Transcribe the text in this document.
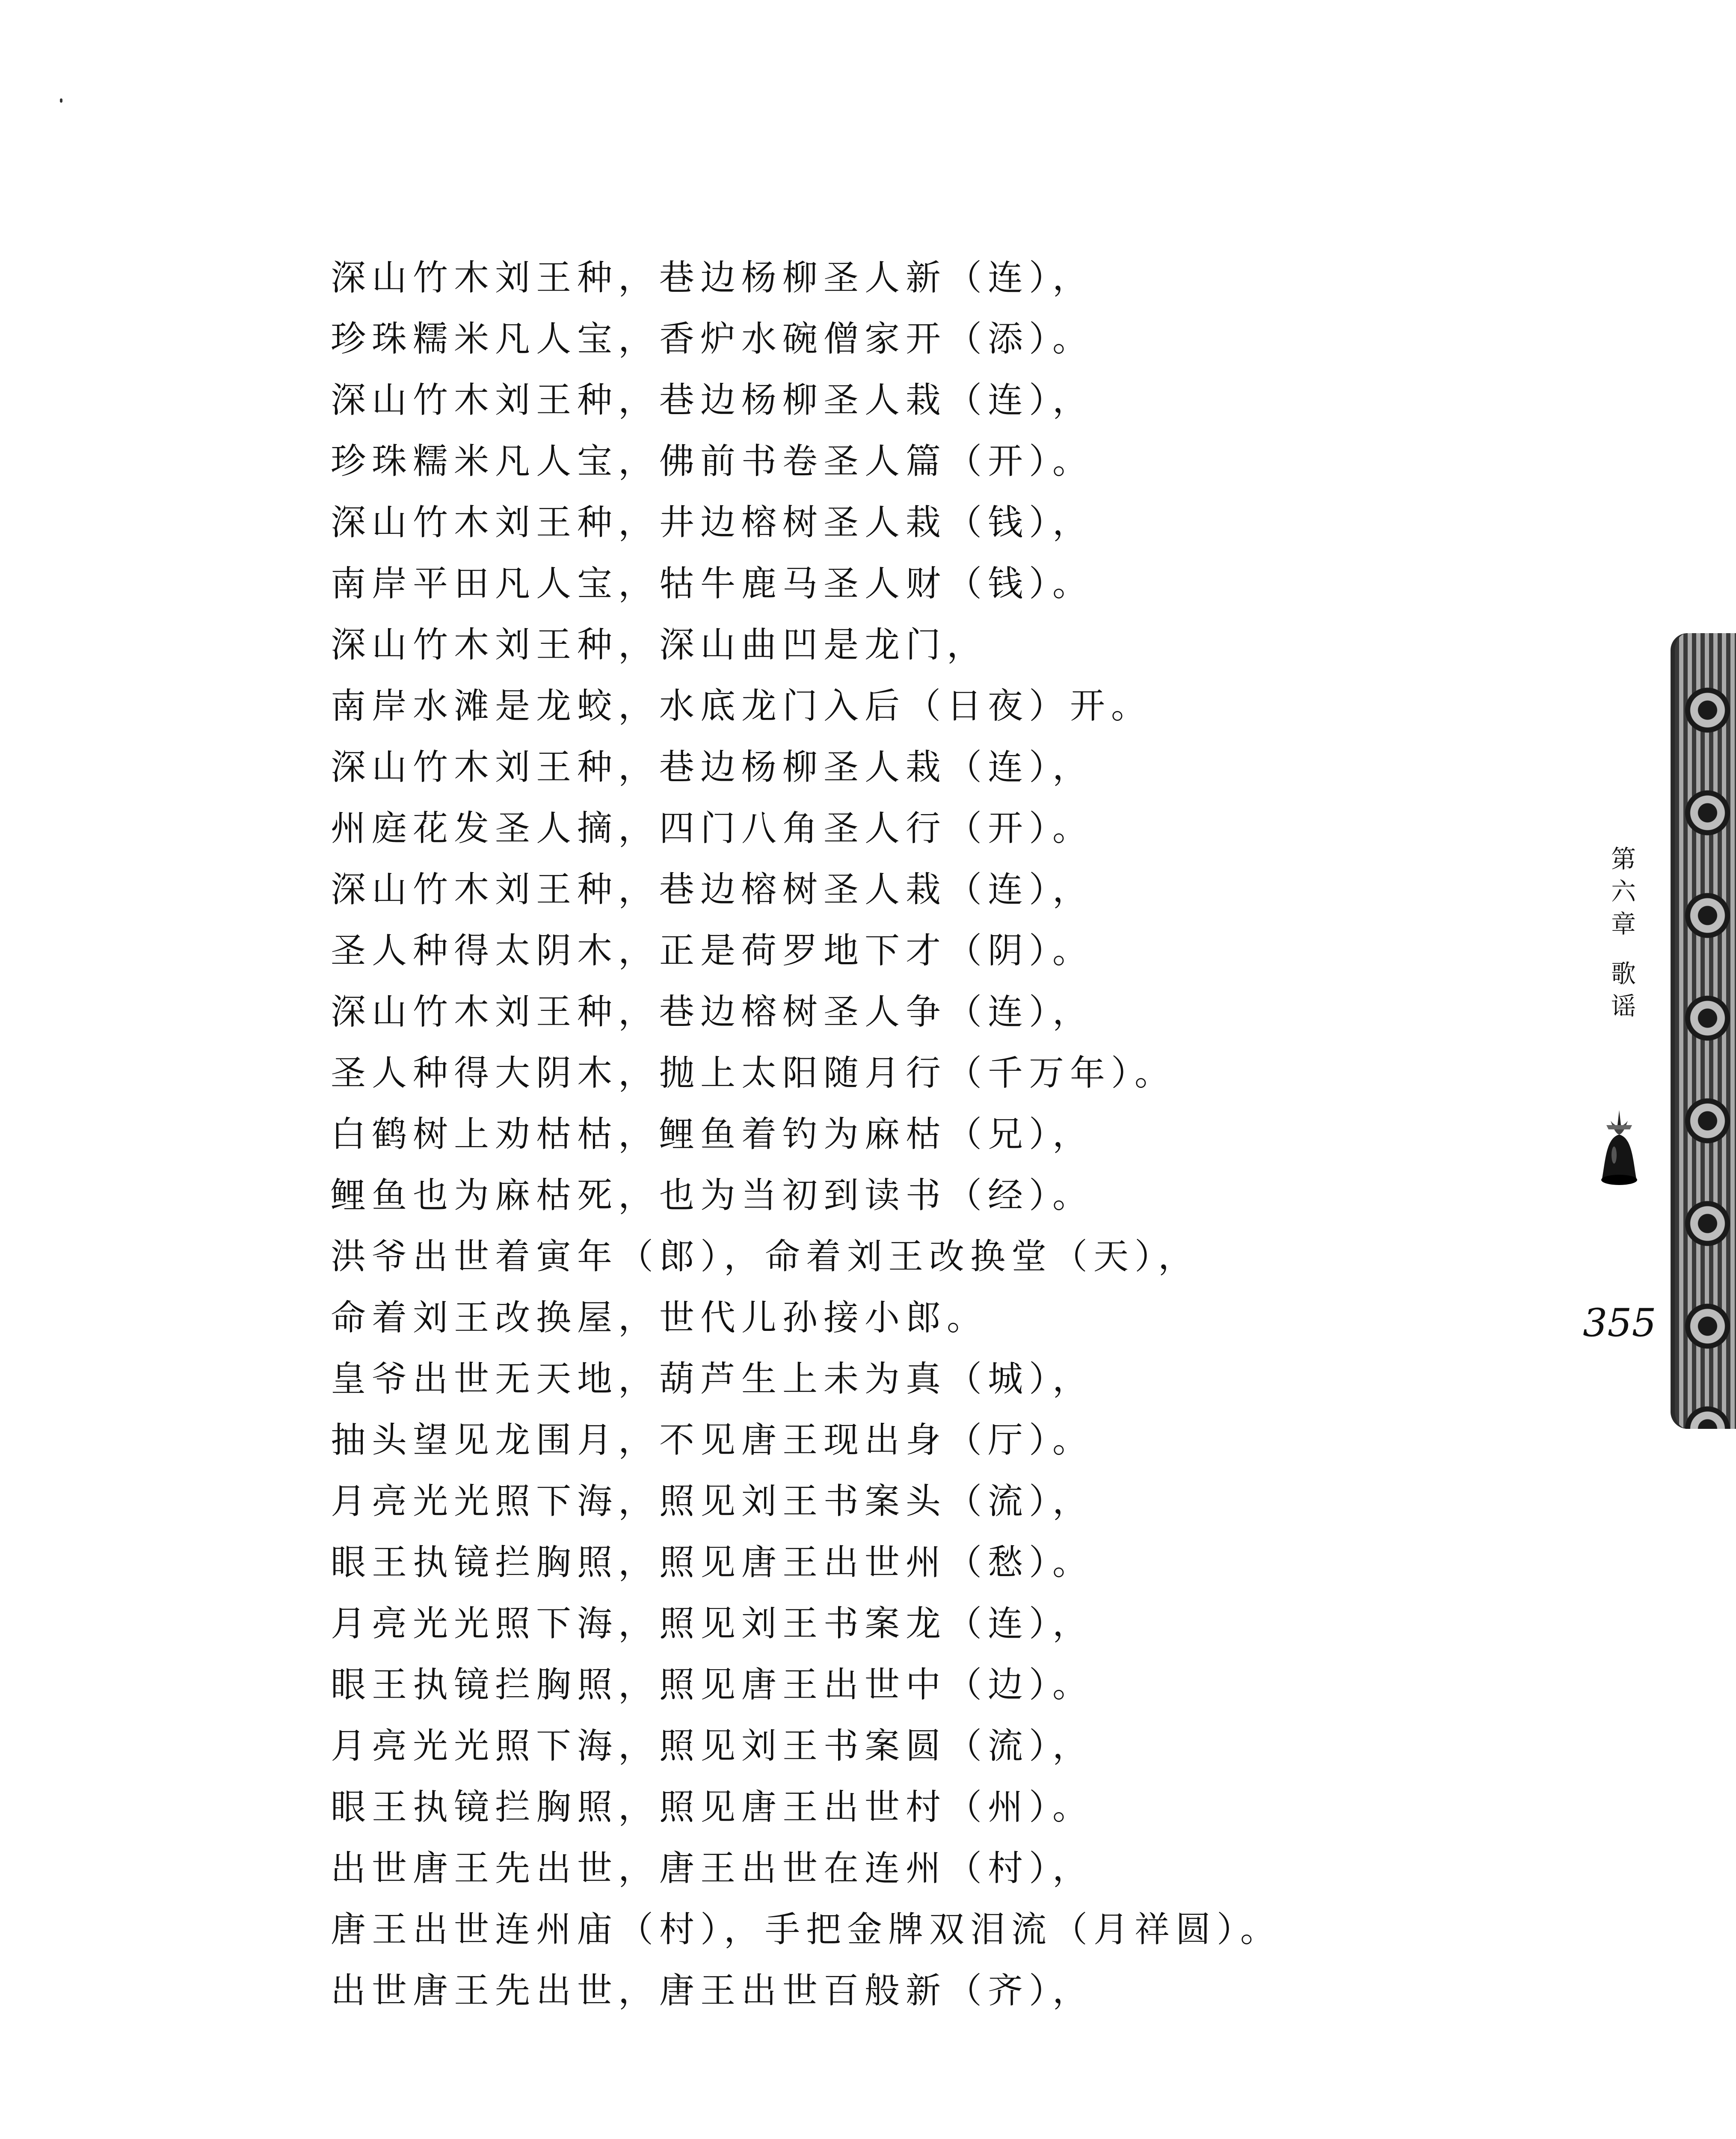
深山竹木刘王种，巷边杨柳圣人新（连），
珍珠糯米凡人宝，香炉水碗僧家开（添）。
深山竹木刘王种，巷边杨柳圣人栽（连），
珍珠糯米凡人宝，佛前书卷圣人篇（开）。
深山竹木刘王种，井边榕树圣人栽（钱），
南岸平田凡人宝，牯牛鹿马圣人财（钱）。
深山竹木刘王种，深山曲凹是龙门，
南岸水滩是龙蛟，水底龙门入后（日夜）开。
深山竹木刘王种，巷边杨柳圣人栽（连），
州庭花发圣人摘，四门八角圣人行（开）。
深山竹木刘王种，巷边榕树圣人栽（连），
圣人种得太阴木，正是荷罗地下才（阴）。
深山竹木刘王种，巷边榕树圣人争（连），
圣人种得大阴木，抛上太阳随月行（千万年）。
白鹤树上劝枯枯，鲤鱼着钓为麻枯（兄），
鲤鱼也为麻枯死，也为当初到读书（经）。
洪爷出世着寅年（郎），命着刘王改换堂（天），
命着刘王改换屋，世代儿孙接小郎。
皇爷出世无天地，葫芦生上未为真（城），
抽头望见龙围月，不见唐王现出身（厅）。
月亮光光照下海，照见刘王书案头（流），
眼王执镜拦胸照，照见唐王出世州（愁）。
月亮光光照下海，照见刘王书案龙（连），
眼王执镜拦胸照，照见唐王出世中（边）。
月亮光光照下海，照见刘王书案圆（流），
眼王执镜拦胸照，照见唐王出世村（州）。
出世唐王先出世，唐王出世在连州（村），
唐王出世连州庙（村），手把金牌双泪流（月祥圆）。
出世唐王先出世，唐王出世百般新（齐），
第
六
章
歌
谣
355
